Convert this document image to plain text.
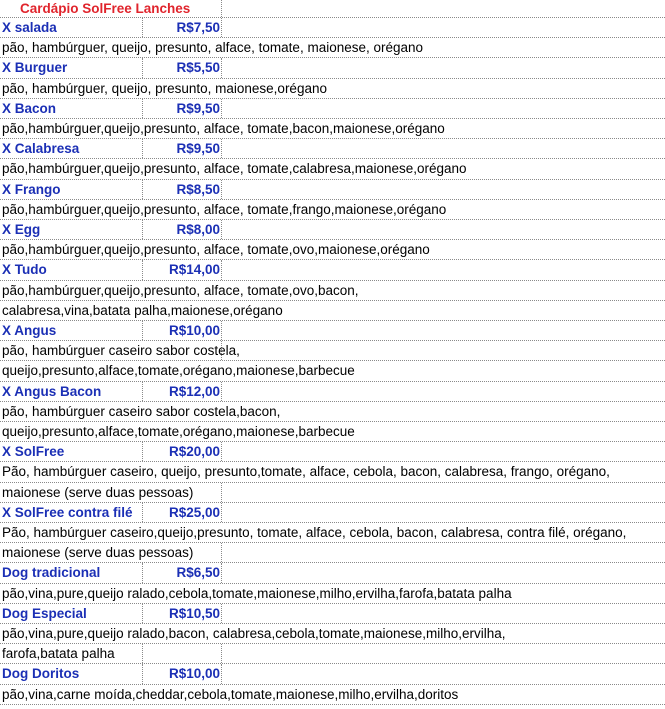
Cardápio SolFree Lanches
X salada	R$7,50
pão, hambúrguer, queijo, presunto, alface, tomate, maionese, orégano
X Burguer	R$5,50
pão, hambúrguer, queijo, presunto, maionese,orégano
X Bacon	R$9,50
pão,hambúrguer,queijo,presunto, alface, tomate,bacon,maionese,orégano
X Calabresa	R$9,50
pão,hambúrguer,queijo,presunto, alface, tomate,calabresa,maionese,orégano
X Frango	R$8,50
pão,hambúrguer,queijo,presunto, alface, tomate,frango,maionese,orégano
X Egg	R$8,00
pão,hambúrguer,queijo,presunto, alface, tomate,ovo,maionese,orégano
X Tudo	R$14,00
pão,hambúrguer,queijo,presunto, alface, tomate,ovo,bacon,
calabresa,vina,batata palha,maionese,orégano
X Angus	R$10,00
pão, hambúrguer caseiro sabor costela,
queijo,presunto,alface,tomate,orégano,maionese,barbecue
X Angus Bacon	R$12,00
pão, hambúrguer caseiro sabor costela,bacon,
queijo,presunto,alface,tomate,orégano,maionese,barbecue
X SolFree	R$20,00
Pão, hambúrguer caseiro, queijo, presunto,tomate, alface, cebola, bacon, calabresa, frango, orégano,
maionese (serve duas pessoas)
X SolFree contra filé	R$25,00
Pão, hambúrguer caseiro,queijo,presunto, tomate, alface, cebola, bacon, calabresa, contra filé, orégano,
maionese (serve duas pessoas)
Dog tradicional	R$6,50
pão,vina,pure,queijo ralado,cebola,tomate,maionese,milho,ervilha,farofa,batata palha
Dog Especial	R$10,50
pão,vina,pure,queijo ralado,bacon, calabresa,cebola,tomate,maionese,milho,ervilha,
farofa,batata palha
Dog Doritos	R$10,00
pão,vina,carne moída,cheddar,cebola,tomate,maionese,milho,ervilha,doritos
